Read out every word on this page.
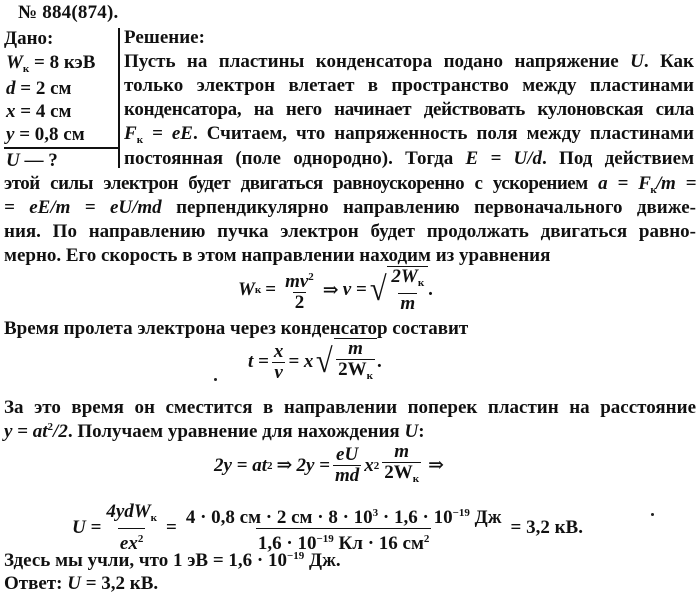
№ 884(874).
Дано:
$W_к = 8$ кэВ
d = 2 см
x = 4 см
y = 0,8 см
U — ?
Решение:
Пусть на пластины конденсатора подано напряжение U. Как
только электрон влетает в пространство между пластинами
конденсатора, на него начинает действовать кулоновская сила
$F_к$ = eE. Считаем, что напряженность поля между пластинами
постоянная (поле однородно). Тогда E = U/d. Под действием
этой силы электрон будет двигаться равноускоренно с ускорением $a = F_к/m$ =
= eE/m = eU/md перпендикулярно направлению первоначального движе-
ния. По направлению пучка электрон будет продолжать двигаться равно-
мерно. Его скорость в этом направлении находим из уравнения
W $к = \frac{mv^2}{2}$ ⇒ v = √ $\frac{2W_к}{m}$ .
Время пролета электрона через конденсатор составит
$t = \frac{x}{v} = x$ √ $\frac{m}{2W_к}$ .
За это время он сместится в направлении поперек пластин на расстояние
$y = at^2/2$. Получаем уравнение для нахождения U:
2y = at 2 ⇒ $2y = \frac{eU}{md}$ x $2 \frac{m}{2W_к}$ ⇒
$U = \frac{4ydW_к}{ex^2} = \frac{4 \cdot 0,8 см \cdot 2 см \cdot 8 \cdot 10^3 \cdot 1,6 \cdot 10^{-19} Дж}{1,6 \cdot 10^{-19} Кл \cdot 16 см^2} = 3,2$ кВ.
Здесь мы учли, что 1 эВ = $1,6 \cdot 10^{-19}$ Дж.
Ответ: U = 3,2 кВ.
